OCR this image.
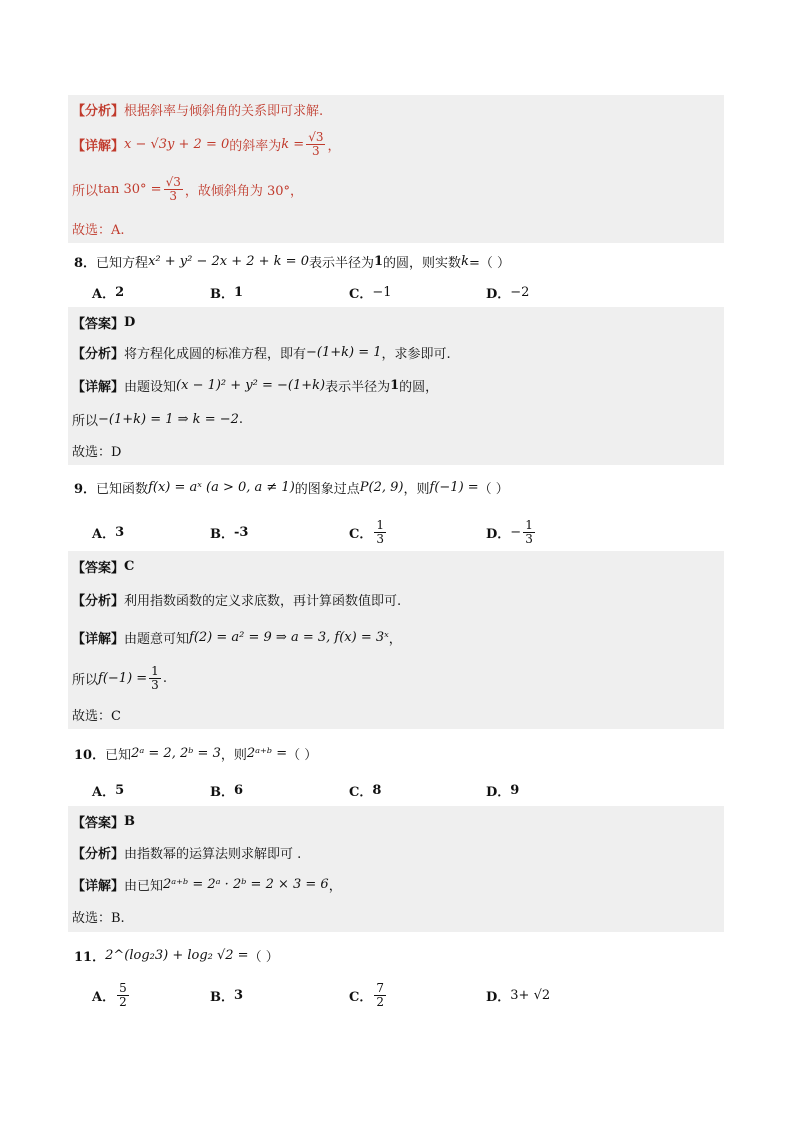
【分析】 根据斜率与倾斜角的关系即可求解.
【详解】 x − √3y + 2 = 0 的斜率为 $k = \frac{√3}{3}$ ，
所以 $\tan 30^\circ = \frac{√3}{3}$ ，故倾斜角为 30°，
故选：A.
8． 已知方程 x² + y² − 2x + 2 + k = 0 表示半径为 1 的圆，则实数 k =（ ）
A． 2	B． 1	C． −1	D． −2
【答案】 D
【分析】 将方程化成圆的标准方程，即有 −(1+k) = 1 ，求参即可.
【详解】 由题设知 (x − 1)² + y² = −(1+k) 表示半径为 1 的圆，
所以 −(1+k) = 1 ⇒ k = −2 .
故选：D
9． 已知函数 f(x) = aˣ (a > 0, a ≠ 1) 的图象过点 P(2, 9) ，则 f(−1) = （ ）
A． 3	B． -3	C． $\frac{1}{3}$	D． − $\frac{1}{3}$
【答案】 C
【分析】 利用指数函数的定义求底数，再计算函数值即可.
【详解】 由题意可知 f(2) = a² = 9 ⇒ a = 3, f(x) = 3ˣ ，
所以 $f(-1) = \frac{1}{3}$ .
故选：C
10． 已知 2ᵃ = 2, 2ᵇ = 3 ，则 2ᵃ⁺ᵇ = （ ）
A． 5	B． 6	C． 8	D． 9
【答案】 B
【分析】 由指数幂的运算法则求解即可 .
【详解】 由已知 2ᵃ⁺ᵇ = 2ᵃ · 2ᵇ = 2 × 3 = 6 ，
故选：B.
11． 2^(log₂3) + log₂ √2 = （ ）
A． $\frac{5}{2}$	B． 3	C． $\frac{7}{2}$	D． 3+ √2
